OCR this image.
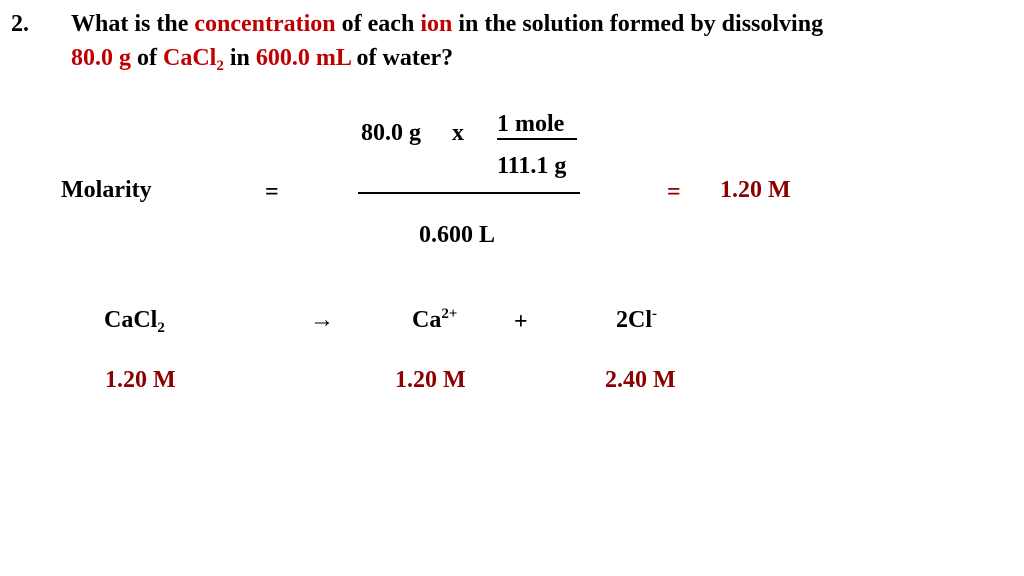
2. What is the concentration of each ion in the solution formed by dissolving
80.0 g of CaCl$_2$ in 600.0 mL of water?
80.0 g x 1 mole
111.1 g
Molarity	=	= 1.20 M
0.600 L
CaCl$_2$	→	$Ca^{2+}$ +	2Cl-
1.20 M	1.20 M	2.40 M
